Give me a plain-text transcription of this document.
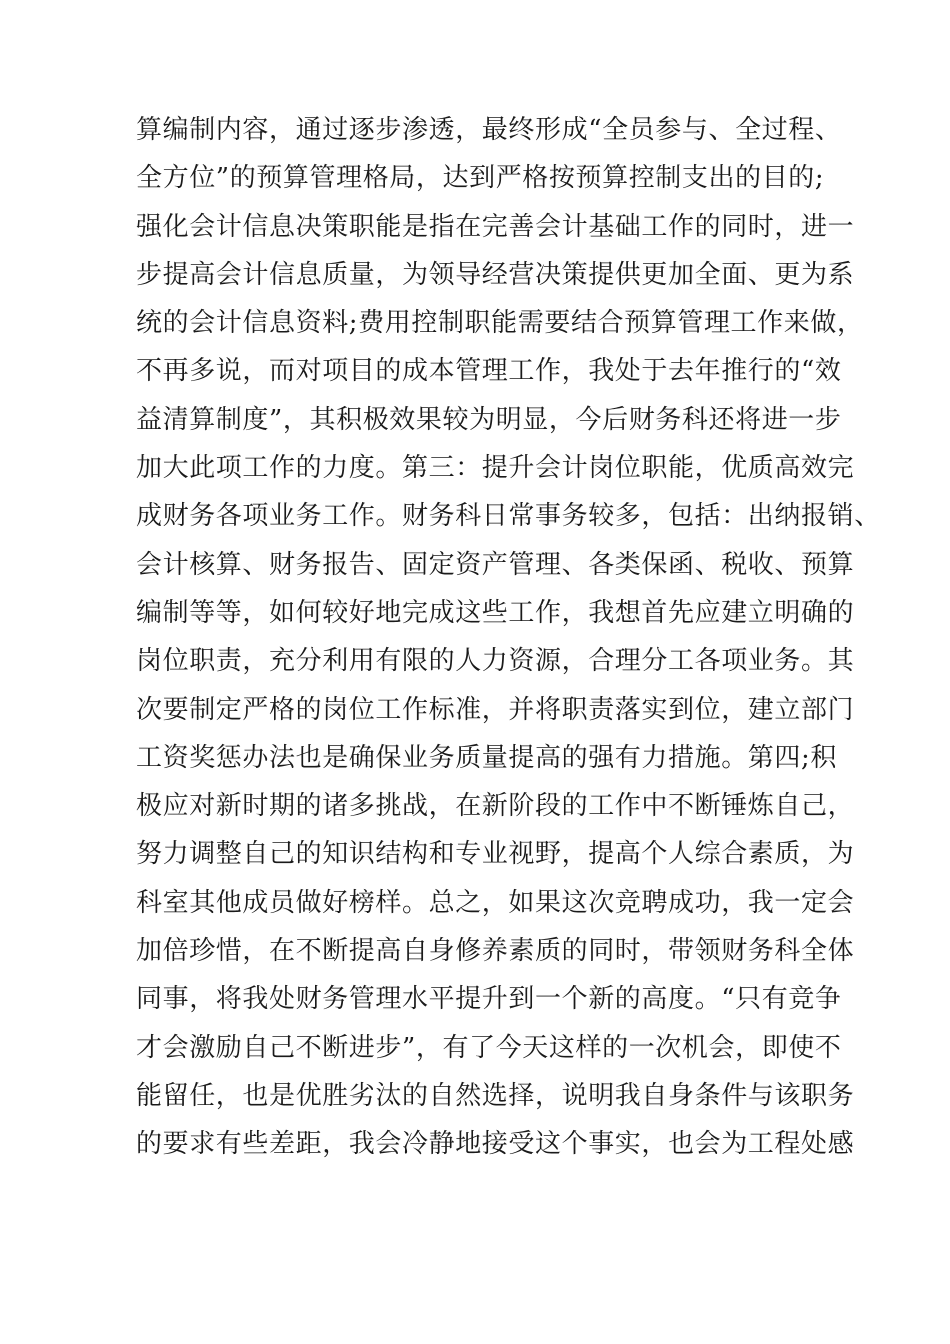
算编制内容，通过逐步渗透，最终形成“全员参与、全过程、
全方位”的预算管理格局，达到严格按预算控制支出的目的;
强化会计信息决策职能是指在完善会计基础工作的同时，进一
步提高会计信息质量，为领导经营决策提供更加全面、更为系
统的会计信息资料;费用控制职能需要结合预算管理工作来做，
不再多说，而对项目的成本管理工作，我处于去年推行的“效
益清算制度”，其积极效果较为明显，今后财务科还将进一步
加大此项工作的力度。第三：提升会计岗位职能，优质高效完
成财务各项业务工作。财务科日常事务较多，包括：出纳报销、
会计核算、财务报告、固定资产管理、各类保函、税收、预算
编制等等，如何较好地完成这些工作，我想首先应建立明确的
岗位职责，充分利用有限的人力资源，合理分工各项业务。其
次要制定严格的岗位工作标准，并将职责落实到位，建立部门
工资奖惩办法也是确保业务质量提高的强有力措施。第四;积
极应对新时期的诸多挑战，在新阶段的工作中不断锤炼自己，
努力调整自己的知识结构和专业视野，提高个人综合素质，为
科室其他成员做好榜样。总之，如果这次竞聘成功，我一定会
加倍珍惜，在不断提高自身修养素质的同时，带领财务科全体
同事，将我处财务管理水平提升到一个新的高度。“只有竞争
才会激励自己不断进步”，有了今天这样的一次机会，即使不
能留任，也是优胜劣汰的自然选择，说明我自身条件与该职务
的要求有些差距，我会冷静地接受这个事实，也会为工程处感
